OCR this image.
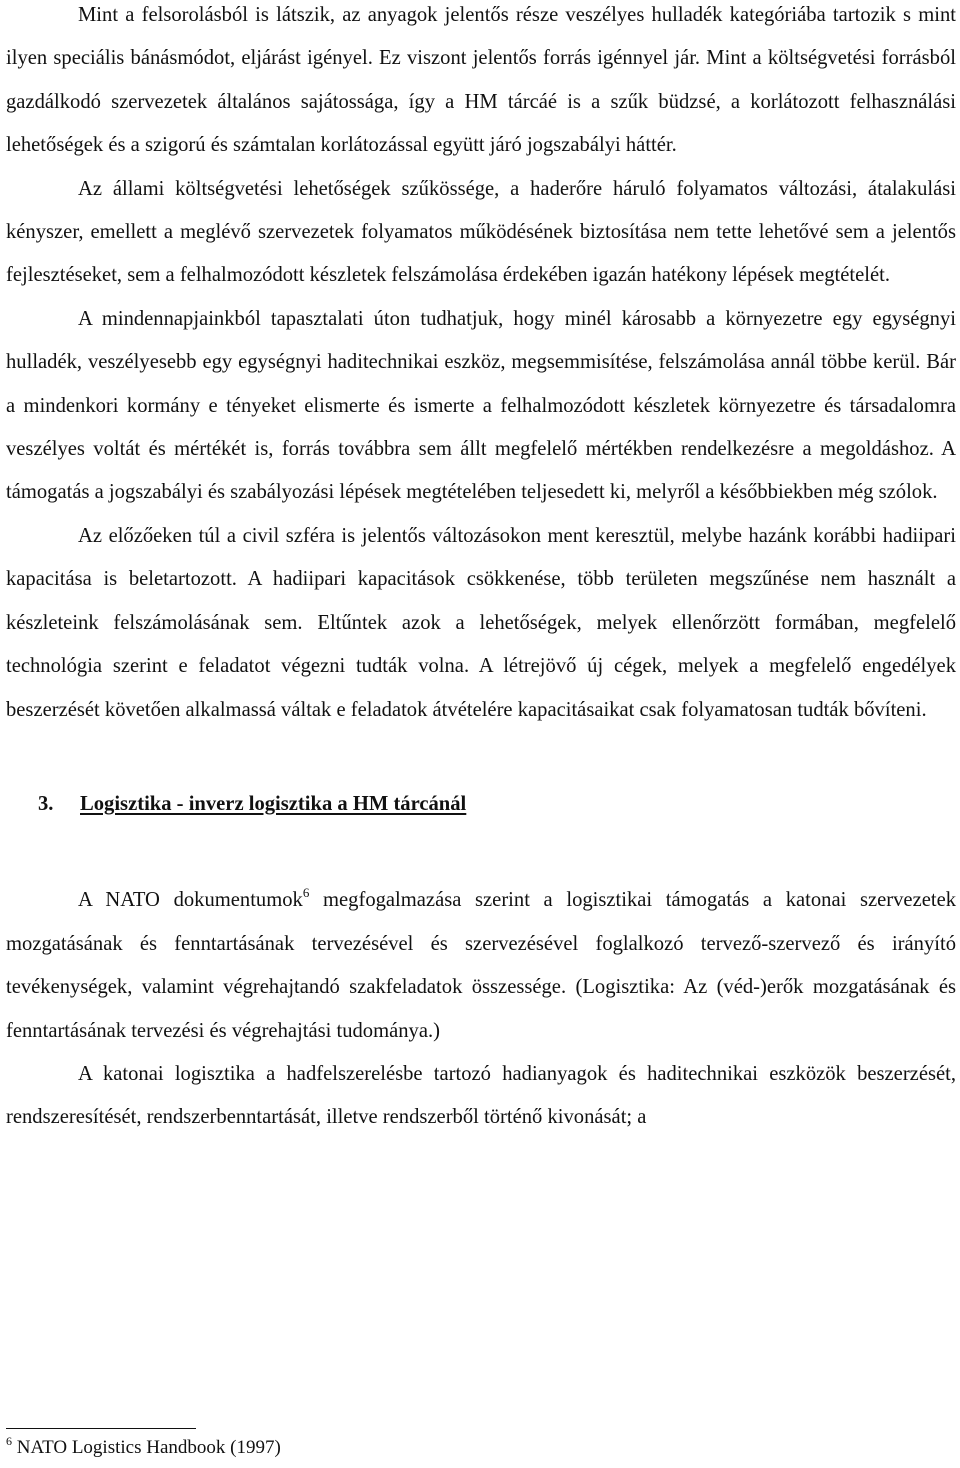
Mint a felsorolásból is látszik, az anyagok jelentős része veszélyes hulladék kategóriába tartozik s mint ilyen speciális bánásmódot, eljárást igényel. Ez viszont jelentős forrás igénnyel jár. Mint a költségvetési forrásból gazdálkodó szervezetek általános sajátossága, így a HM tárcáé is a szűk büdzsé, a korlátozott felhasználási lehetőségek és a szigorú és számtalan korlátozással együtt járó jogszabályi háttér.

Az állami költségvetési lehetőségek szűkössége, a haderőre háruló folyamatos változási, átalakulási kényszer, emellett a meglévő szervezetek folyamatos működésének biztosítása nem tette lehetővé sem a jelentős fejlesztéseket, sem a felhalmozódott készletek felszámolása érdekében igazán hatékony lépések megtételét.

A mindennapjainkból tapasztalati úton tudhatjuk, hogy minél károsabb a környezetre egy egységnyi hulladék, veszélyesebb egy egységnyi haditechnikai eszköz, megsemmisítése, felszámolása annál többe kerül. Bár a mindenkori kormány e tényeket elismerte és ismerte a felhalmozódott készletek környezetre és társadalomra veszélyes voltát és mértékét is, forrás továbbra sem állt megfelelő mértékben rendelkezésre a megoldáshoz. A támogatás a jogszabályi és szabályozási lépések megtételében teljesedett ki, melyről a későbbiekben még szólok.

Az előzőeken túl a civil szféra is jelentős változásokon ment keresztül, melybe hazánk korábbi hadiipari kapacitása is beletartozott. A hadiipari kapacitások csökkenése, több területen megszűnése nem használt a készleteink felszámolásának sem. Eltűntek azok a lehetőségek, melyek ellenőrzött formában, megfelelő technológia szerint e feladatot végezni tudták volna. A létrejövő új cégek, melyek a megfelelő engedélyek beszerzését követően alkalmassá váltak e feladatok átvételére kapacitásaikat csak folyamatosan tudták bővíteni.

3. Logisztika - inverz logisztika a HM tárcánál

A NATO dokumentumok$^6$ megfogalmazása szerint a logisztikai támogatás a katonai szervezetek mozgatásának és fenntartásának tervezésével és szervezésével foglalkozó tervező-szervező és irányító tevékenységek, valamint végrehajtandó szakfeladatok összessége. (Logisztika: Az (véd-)erők mozgatásának és fenntartásának tervezési és végrehajtási tudománya.)

A katonai logisztika a hadfelszerelésbe tartozó hadianyagok és haditechnikai eszközök beszerzését, rendszeresítését, rendszerbenntartását, illetve rendszerből történő kivonását; a

$^6$ NATO Logistics Handbook (1997)
